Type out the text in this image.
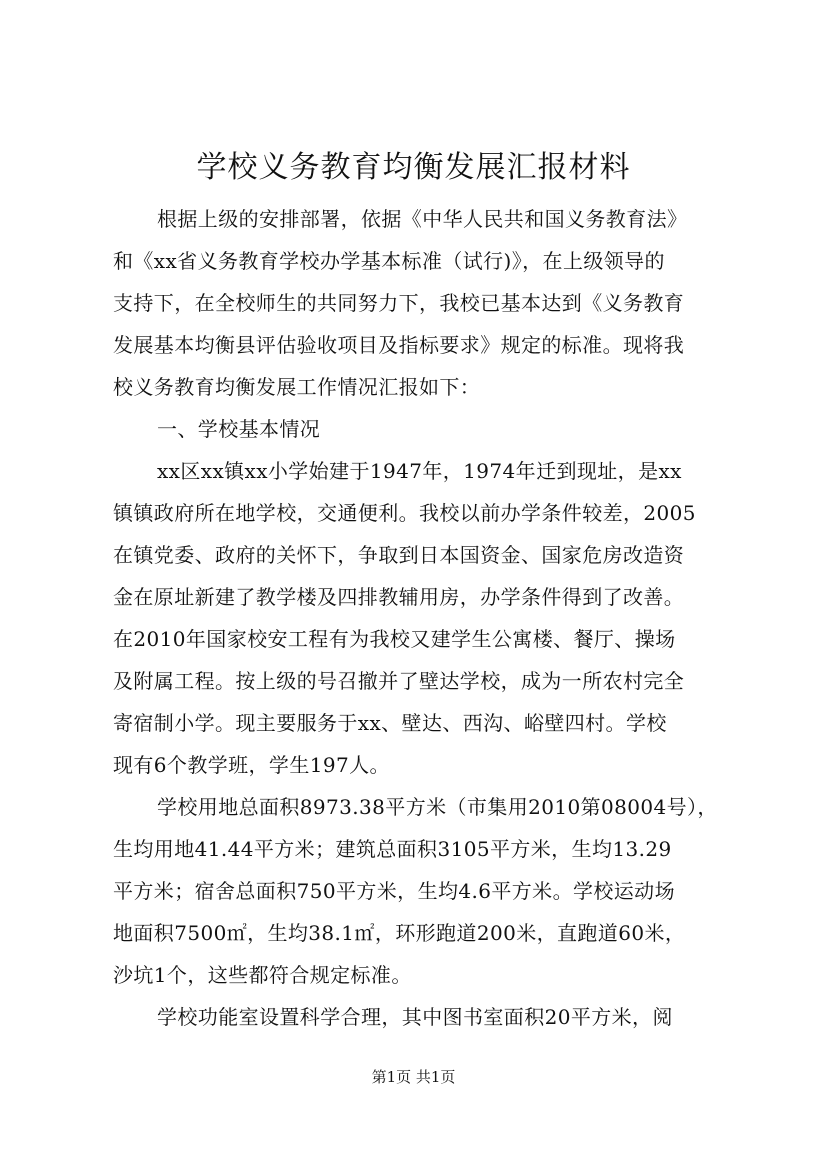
学校义务教育均衡发展汇报材料
根据上级的安排部署，依据《中华人民共和国义务教育法》
和《xx省义务教育学校办学基本标准（试行)》，在上级领导的
支持下，在全校师生的共同努力下，我校已基本达到《义务教育
发展基本均衡县评估验收项目及指标要求》规定的标准。现将我
校义务教育均衡发展工作情况汇报如下：
一、学校基本情况
xx区xx镇xx小学始建于1947年，1974年迁到现址，是xx
镇镇政府所在地学校，交通便利。我校以前办学条件较差，2005
在镇党委、政府的关怀下，争取到日本国资金、国家危房改造资
金在原址新建了教学楼及四排教辅用房，办学条件得到了改善。
在2010年国家校安工程有为我校又建学生公寓楼、餐厅、操场
及附属工程。按上级的号召撤并了壁达学校，成为一所农村完全
寄宿制小学。现主要服务于xx、壁达、西沟、峪壁四村。学校
现有6个教学班，学生197人。
学校用地总面积8973.38平方米（市集用2010第08004号），
生均用地41.44平方米；建筑总面积3105平方米，生均13.29
平方米；宿舍总面积750平方米，生均4.6平方米。学校运动场
地面积7500㎡，生均38.1㎡，环形跑道200米，直跑道60米，
沙坑1个，这些都符合规定标准。
学校功能室设置科学合理，其中图书室面积20平方米，阅
第1页 共1页
